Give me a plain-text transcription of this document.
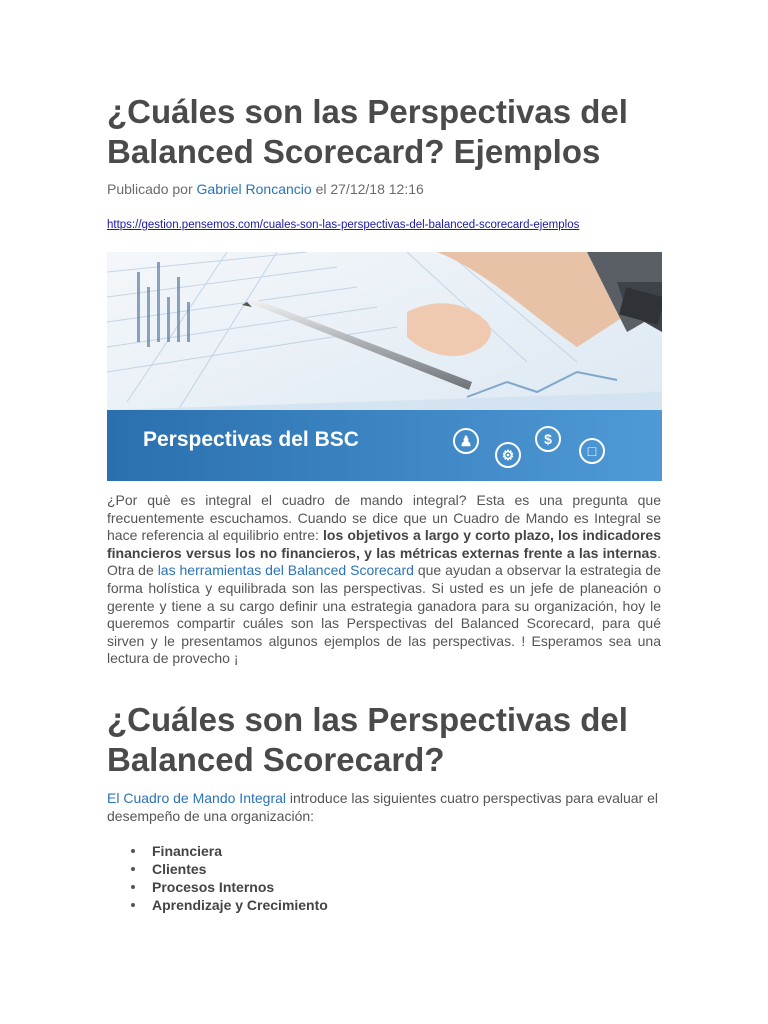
¿Cuáles son las Perspectivas del Balanced Scorecard? Ejemplos
Publicado por Gabriel Roncancio el 27/12/18 12:16
https://gestion.pensemos.com/cuales-son-las-perspectivas-del-balanced-scorecard-ejemplos
Perspectivas del BSC	♟
⚙
$
□

¿Por què es integral el cuadro de mando integral? Esta es una pregunta que frecuentemente escuchamos. Cuando se dice que un Cuadro de Mando es Integral se hace referencia al equilibrio entre: los objetivos a largo y corto plazo, los indicadores financieros versus los no financieros, y las métricas externas frente a las internas. Otra de las herramientas del Balanced Scorecard que ayudan a observar la estrategia de forma holística y equilibrada son las perspectivas. Si usted es un jefe de planeación o gerente y tiene a su cargo definir una estrategia ganadora para su organización, hoy le queremos compartir cuáles son las Perspectivas del Balanced Scorecard, para qué sirven y le presentamos algunos ejemplos de las perspectivas. ! Esperamos sea una lectura de provecho ¡

¿Cuáles son las Perspectivas del Balanced Scorecard?

El Cuadro de Mando Integral introduce las siguientes cuatro perspectivas para evaluar el desempeño de una organización:

Financiera
Clientes
Procesos Internos
Aprendizaje y Crecimiento
